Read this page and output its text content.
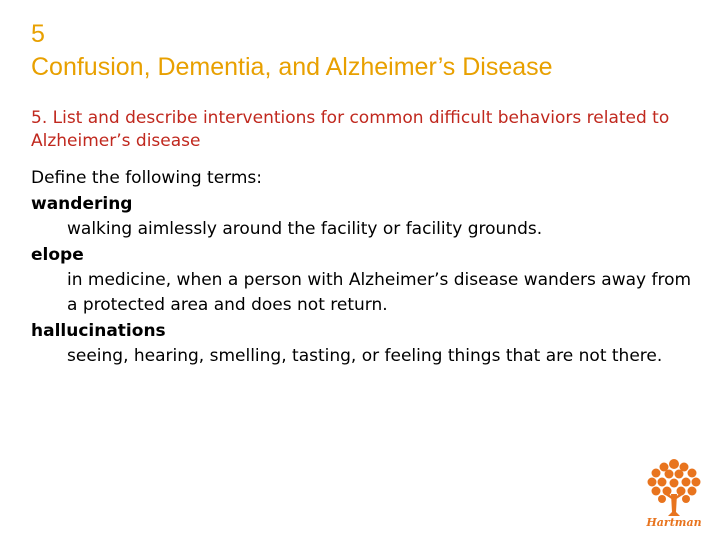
5
Confusion, Dementia, and Alzheimer’s Disease
5. List and describe interventions for common difficult behaviors related to Alzheimer’s disease
Define the following terms:
wandering
walking aimlessly around the facility or facility grounds.
elope
in medicine, when a person with Alzheimer’s disease wanders away from a protected area and does not return.
hallucinations
seeing, hearing, smelling, tasting, or feeling things that are not there.
Hartman
